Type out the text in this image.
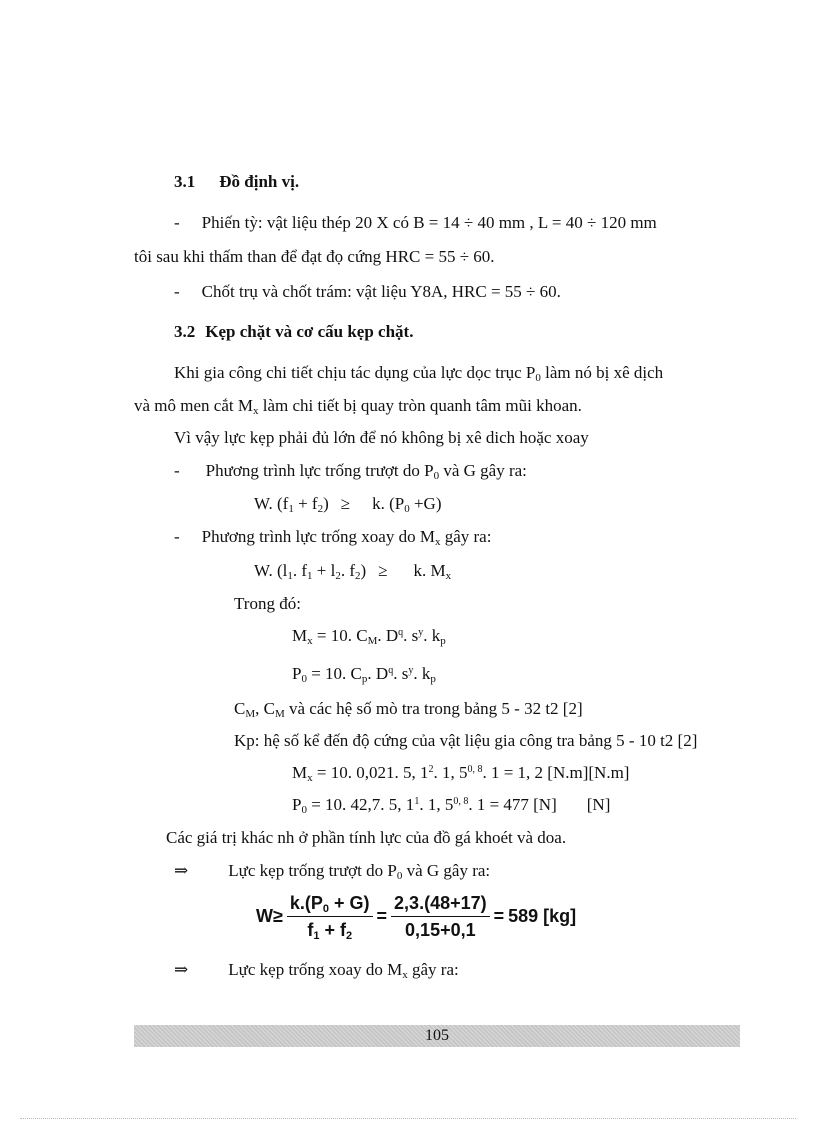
3.1 Đồ định vị.

- Phiến tỳ: vật liệu thép 20 X có B = 14 ÷ 40 mm , L = 40 ÷ 120 mm

tôi sau khi thấm than để đạt đọ cứng HRC = 55 ÷ 60.

- Chốt trụ và chốt trám: vật liệu Y8A, HRC = 55 ÷ 60.

3.2 Kẹp chặt và cơ cấu kẹp chặt.

Khi gia công chi tiết chịu tác dụng của lực dọc trục $P_0$ làm nó bị xê dịch

và mô men cắt $M_x$ làm chi tiết bị quay tròn quanh tâm mũi khoan.

Vì vậy lực kẹp phải đủ lớn để nó không bị xê dich hoặc xoay

- Phương trình lực trống trượt do $P_0$ và G gây ra:

W. $(f_1 + f_2) \ge k$. $(P_0 +G)$

- Phương trình lực trống xoay do $M_x$ gây ra:

W. ($l_1$. $f_1 + l_2$. $f_2) \ge k$. $M_x$

Trong đó:

$M_x = 10$. $C_M$. $D^q$. $s^y$. $k_p$

$P_0 = 10$. $C_p$. $D^q$. $s^y$. $k_p$

$C_M$, $C_M$ và các hệ số mò tra trong bảng 5 - 32 t2 [2]

Kp: hệ số kể đến độ cứng của vật liệu gia công tra bảng 5 - 10 t2 [2]

$M_x = 10$. 0,021. 5, $1^2$. 1, 5$^{0, 8}$. 1 = 1, 2 [N.m][N.m]

$P_0 = 10$. 42,7. 5, $1^1$. 1, 5$^{0, 8}$. 1 = 477 [N] [N]

Các giá trị khác nh ở phần tính lực của đồ gá khoét và doa.

⇒ Lực kẹp trống trượt do $P_0$ và G gây ra:

$W\ge \frac{k.(P_0 + G)}{f_1 + f_2} = \frac{2,3.(48+17)}{0,15+0,1} = 589$ [kg]

⇒ Lực kẹp trống xoay do $M_x$ gây ra:

105
